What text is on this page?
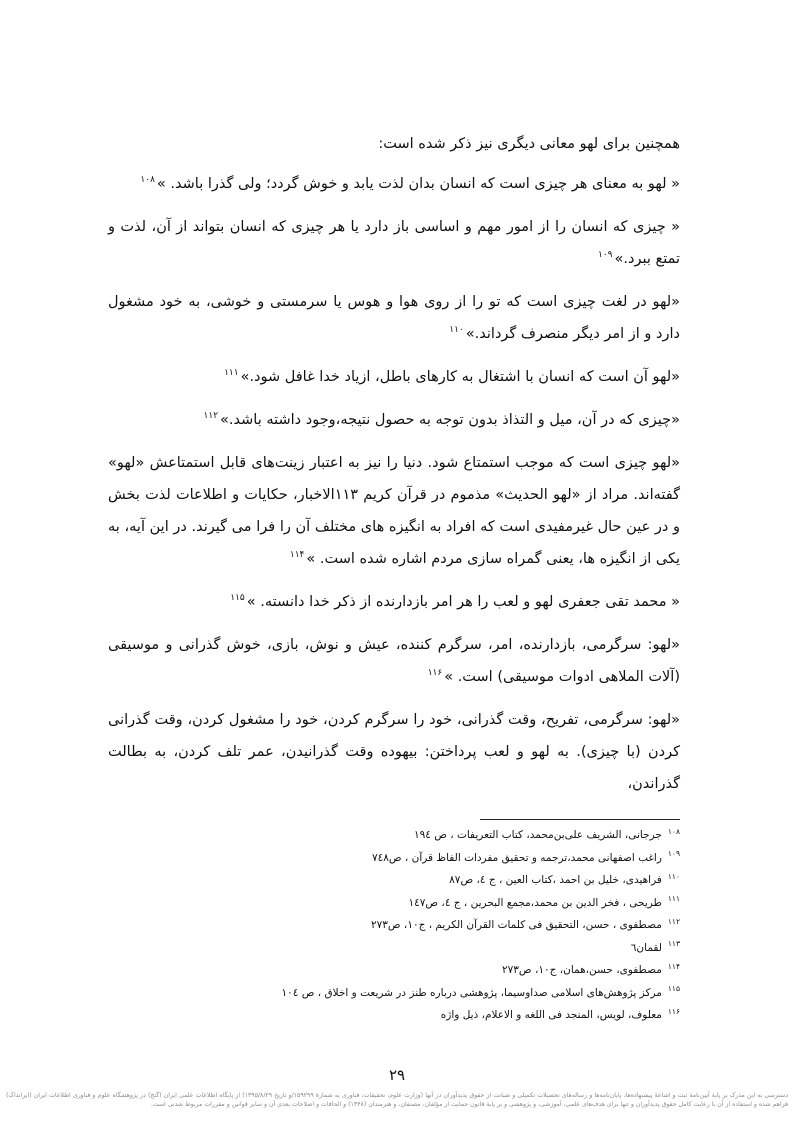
همچنین برای لهو معانی دیگری نیز ذکر شده است:

« لهو به معنای هر چیزی است که انسان بدان لذت یابد و خوش گردد؛ ولی گذرا باشد. »$^{۱۰۸}$

« چیزی که انسان را از امور مهم و اساسی باز دارد یا هر چیزی که انسان بتواند از آن، لذت و تمتع ببرد.»$^{۱۰۹}$

«لهو در لغت چیزی است که تو را از روی هوا و هوس یا سرمستی و خوشی، به خود مشغول دارد و از امر دیگر منصرف گرداند.»$^{۱۱۰}$

«لهو آن است که انسان با اشتغال به کارهای باطل، ازیاد خدا غافل شود.»$^{۱۱۱}$

«چیزی که در آن، میل و التذاذ بدون توجه به حصول نتیجه،وجود داشته باشد.»$^{۱۱۲}$

«لهو چیزی است که موجب استمتاع شود. دنیا را نیز به اعتبار زینت‌های قابل استمتاعش «لهو» گفته‌اند. مراد از «لهو الحدیث» مذموم در قرآن کریم ۱۱۳الاخبار، حکایات و اطلاعات لذت بخش و در عین حال غیرمفیدی است که افراد به انگیزه های مختلف آن را فرا می گیرند. در این آیه، به یکی از انگیزه ها، یعنی گمراه سازی مردم اشاره شده است. »$^{۱۱۴}$

« محمد تقی جعفری لهو و لعب را هر امر بازدارنده از ذکر خدا دانسته. »$^{۱۱۵}$

«لهو: سرگرمی، بازدارنده، امر، سرگرم کننده، عیش و نوش، بازی، خوش گذرانی و موسیقی (آلات الملاهی ادوات موسیقی) است. »$^{۱۱۶}$

«لهو: سرگرمی، تفریح، وقت گذرانی، خود را سرگرم کردن، خود را مشغول کردن، وقت گذرانی کردن (با چیزی). به لهو و لعب پرداختن: بیهوده وقت گذرانیدن، عمر تلف کردن، به بطالت گذراندن،

$^{۱۰۸}$جرجانی، الشریف علی‌بن‌محمد، کتاب التعریفات ، ص ١٩٤
$^{۱۰۹}$راغب اصفهانی محمد،ترجمه و تحقیق مفردات الفاظ قرآن ، ص٧٤٨
$^{۱۱۰}$فراهیدی، خلیل بن احمد ،کتاب العین ، ج ٤، ص٨٧
$^{۱۱۱}$طریحی ، فخر الدین بن محمد،مجمع البحرین ، ج ٤، ص١٤٧
$^{۱۱۲}$مصطفوی ، حسن، التحقیق فی کلمات القرآن الکریم ، ج١٠، ص٢٧٣
$^{۱۱۳}$لقمان٦
$^{۱۱۴}$مصطفوی، حسن،همان، ج١٠، ص٢٧٣
$^{۱۱۵}$مرکز پژوهش‌های اسلامی صداوسیما، پژوهشی درباره طنز در شریعت و اخلاق ، ص ١٠٤
$^{۱۱۶}$معلوف، لویس، المنجد فی اللغه و الاعلام، ذیل واژه
۲۹
دسترسی به این مدرک بر پایهٔ آیین‌نامهٔ ثبت و اشاعهٔ پیشنهاده‌ها، پایان‌نامه‌ها و رساله‌های تحصیلات تکمیلی و صیانت از حقوق پدیدآوران در آنها (وزارت علوم، تحقیقات، فناوری به شمارهٔ ۱۵۹۲۹۹/و تاریخ ۱۳۹۵/۸/۲۹) از پایگاه اطلاعات علمی ایران (گنج) در پژوهشگاه علوم و فناوری اطلاعات ایران (ایرانداک) فراهم شده و استفاده از آن با رعایت کامل حقوق پدیدآوران و تنها برای هدف‌های علمی، آموزشی، و پژوهشی و بر پایهٔ قانون حمایت از مؤلفان، مصنفان، و هنرمندان (۱۳۴۸) و الحاقات و اصلاحات بعدی آن و سایر قوانین و مقررات مربوط شدنی است.
